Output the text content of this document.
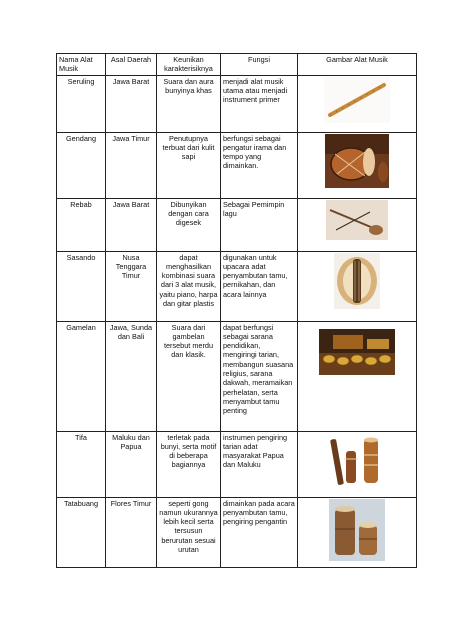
Nama Alat Musik	Asal Daerah	Keunikan karakterisiknya	Fungsi	Gambar Alat Musik
Seruling	Jawa Barat	Suara dan aura bunyinya khas	menjadi alat musik utama atau menjadi instrument primer	

Gendang	Jawa Timur	Penutupnya terbuat dari kulit sapi	berfungsi sebagai pengatur irama dan tempo yang dimainkan.	

Rebab	Jawa Barat	Dibunyikan dengan cara digesek	Sebagai Pemimpin lagu	

Sasando	Nusa Tenggara Timur	dapat menghasilkan kombinasi suara dari 3 alat musik, yaitu piano, harpa dan gitar plastis	digunakan untuk upacara adat penyambutan tamu, pernikahan, dan acara lainnya	

Gamelan	Jawa, Sunda dan Bali	Suara dari gambelan tersebut merdu dan klasik.	dapat berfungsi sebagai sarana pendidikan, mengiringi tarian, membangun suasana religius, sarana dakwah, meramaikan perhelatan, serta menyambut tamu penting	

Tifa	Maluku dan Papua	terletak pada bunyi, serta motif di beberapa bagiannya	instrumen pengiring tarian adat masyarakat Papua dan Maluku	

Tatabuang	Flores Timur	seperti gong namun ukurannya lebih kecil serta tersusun berurutan sesuai urutan	dimainkan pada acara penyambutan tamu, pengiring pengantin	
